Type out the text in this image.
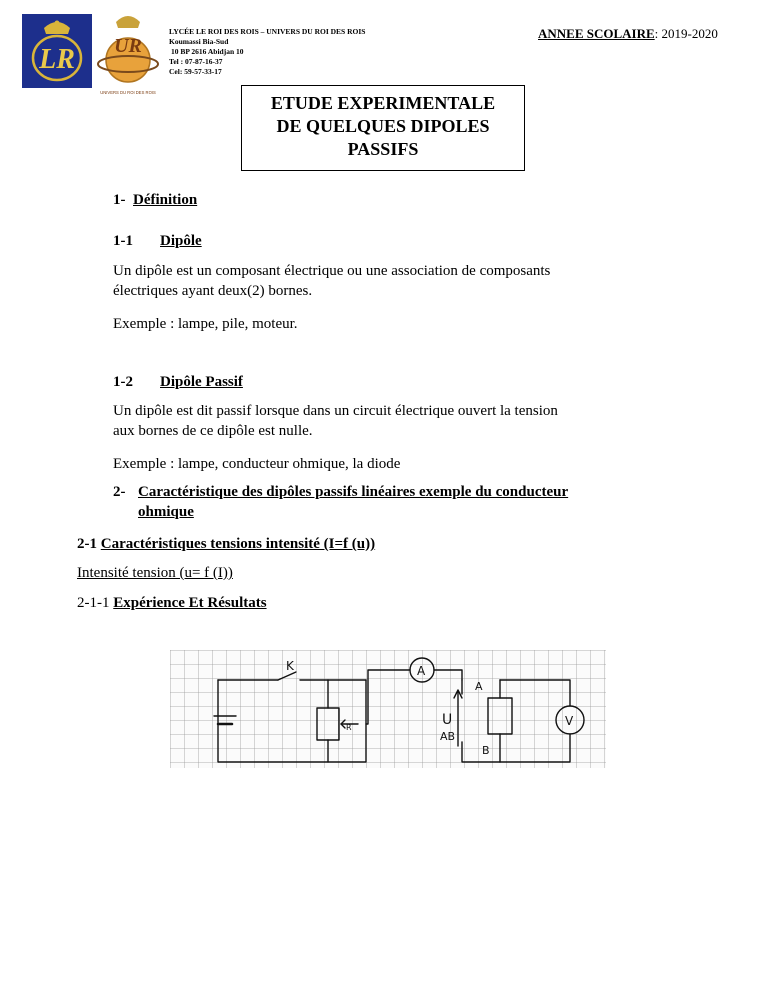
LR UR
UNIVERS DU ROI DES ROIS
LYCÉE LE ROI DES ROIS – UNIVERS DU ROI DES ROIS
Koumassi Bia-Sud
10 BP 2616 Abidjan 10
Tel : 07-87-16-37
Cel: 59-57-33-17
ANNEE SCOLAIRE: 2019-2020
ETUDE EXPERIMENTALE
DE QUELQUES DIPOLES
PASSIFS
1- Définition
1-1 Dipôle
Un dipôle est un composant électrique ou une association de composants
électriques ayant deux(2) bornes.
Exemple : lampe, pile, moteur.
1-2 Dipôle Passif
Un dipôle est dit passif lorsque dans un circuit électrique ouvert la tension
aux bornes de ce dipôle est nulle.
Exemple : lampe, conducteur ohmique, la diode
2- Caractéristique des dipôles passifs linéaires exemple du conducteur
ohmique
2-1 Caractéristiques tensions intensité (I=f (u))
Intensité tension (u= f (I))
2-1-1 Expérience Et Résultats
K	A
V
R
A
B
U
AB
